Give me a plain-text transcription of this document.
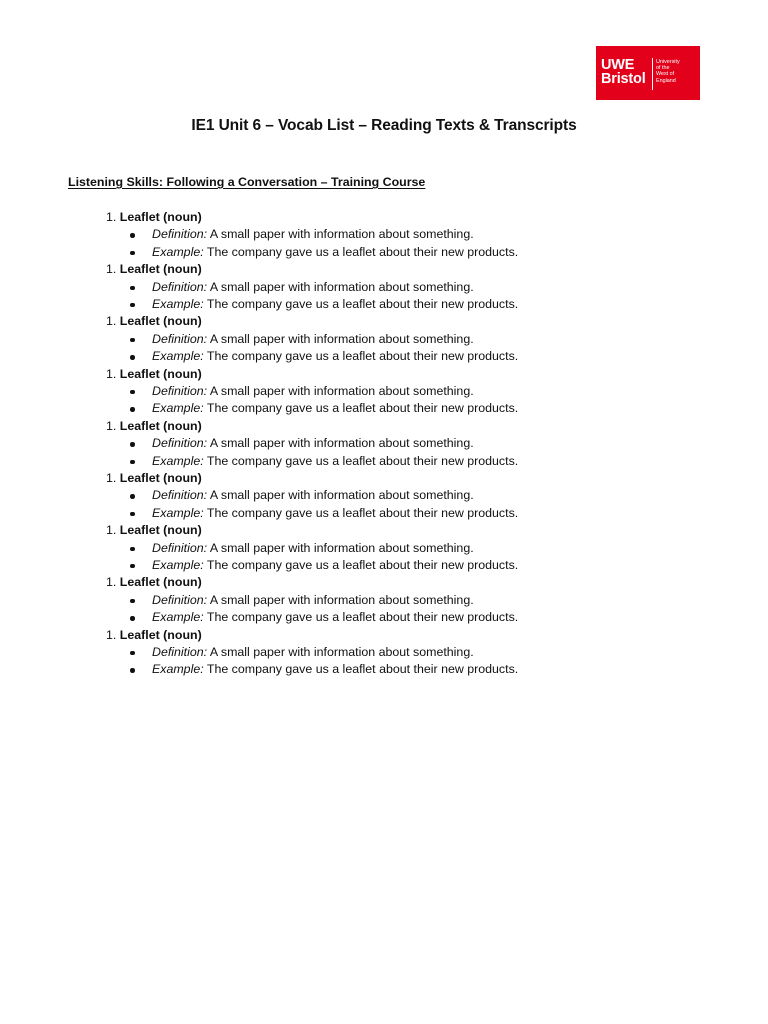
UWE
Bristol
University
of the
West of
England
IE1 Unit 6 – Vocab List – Reading Texts & Transcripts
Listening Skills: Following a Conversation – Training Course
1. Leaflet (noun)
Definition: A small paper with information about something.
Example: The company gave us a leaflet about their new products.
1. Leaflet (noun)
Definition: A small paper with information about something.
Example: The company gave us a leaflet about their new products.
1. Leaflet (noun)
Definition: A small paper with information about something.
Example: The company gave us a leaflet about their new products.
1. Leaflet (noun)
Definition: A small paper with information about something.
Example: The company gave us a leaflet about their new products.
1. Leaflet (noun)
Definition: A small paper with information about something.
Example: The company gave us a leaflet about their new products.
1. Leaflet (noun)
Definition: A small paper with information about something.
Example: The company gave us a leaflet about their new products.
1. Leaflet (noun)
Definition: A small paper with information about something.
Example: The company gave us a leaflet about their new products.
1. Leaflet (noun)
Definition: A small paper with information about something.
Example: The company gave us a leaflet about their new products.
1. Leaflet (noun)
Definition: A small paper with information about something.
Example: The company gave us a leaflet about their new products.
